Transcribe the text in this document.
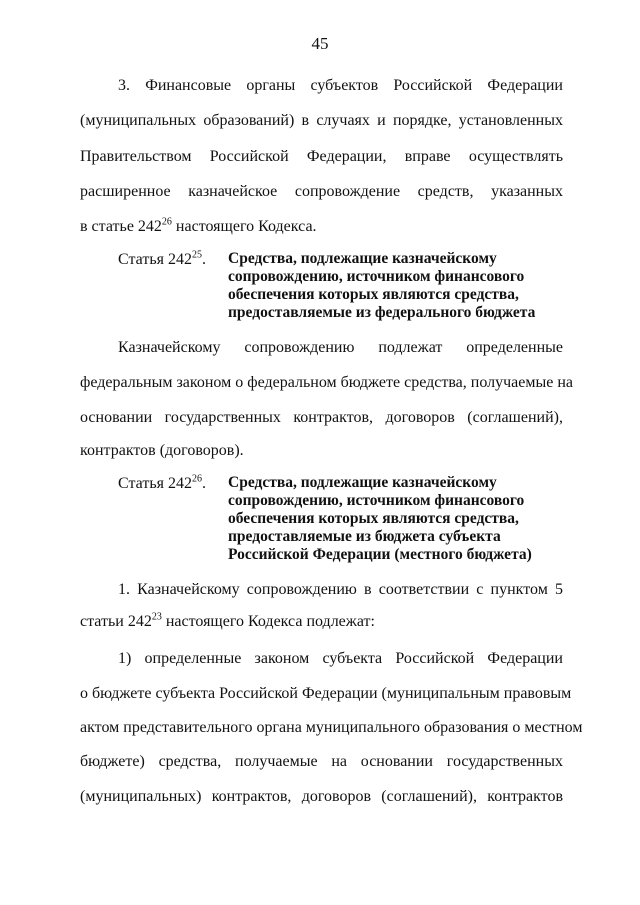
45
3. Финансовые органы субъектов Российской Федерации
(муниципальных образований) в случаях и порядке, установленных
Правительством Российской Федерации, вправе осуществлять
расширенное казначейское сопровождение средств, указанных
в статье $242^{26}$ настоящего Кодекса.
Статья $242^{25}$. Средства, подлежащие казначейскому
сопровождению, источником финансового
обеспечения которых являются средства,
предоставляемые из федерального бюджета
Казначейскому сопровождению подлежат определенные
федеральным законом о федеральном бюджете средства, получаемые на
основании государственных контрактов, договоров (соглашений),
контрактов (договоров).
Статья $242^{26}$. Средства, подлежащие казначейскому
сопровождению, источником финансового
обеспечения которых являются средства,
предоставляемые из бюджета субъекта
Российской Федерации (местного бюджета)
1. Казначейскому сопровождению в соответствии с пунктом 5
статьи $242^{23}$ настоящего Кодекса подлежат:
1) определенные законом субъекта Российской Федерации
о бюджете субъекта Российской Федерации (муниципальным правовым
актом представительного органа муниципального образования о местном
бюджете) средства, получаемые на основании государственных
(муниципальных) контрактов, договоров (соглашений), контрактов
